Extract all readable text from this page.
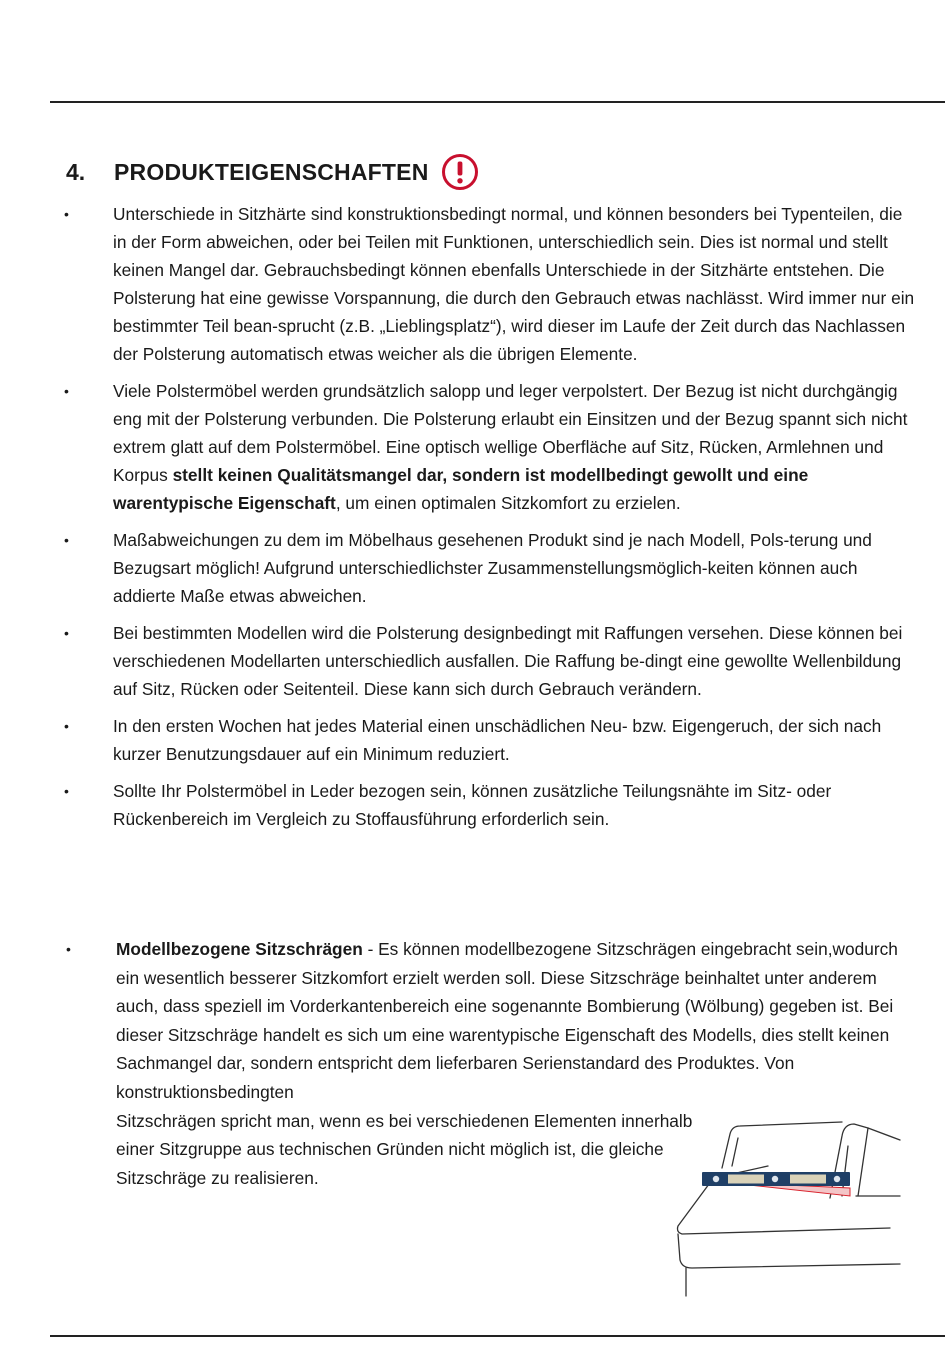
4.	PRODUKTEIGENSCHAFTEN
•	Unterschiede in Sitzhärte sind konstruktionsbedingt normal, und können besonders bei Typenteilen, die in der Form abweichen, oder bei Teilen mit Funktionen, unterschiedlich sein. Dies ist normal und stellt keinen Mangel dar. Gebrauchsbedingt können ebenfalls Unterschiede in der Sitzhärte entstehen. Die Polsterung hat eine gewisse Vorspannung, die durch den Gebrauch etwas nachlässt. Wird immer nur ein bestimmter Teil bean-sprucht (z.B. „Lieblingsplatz“), wird dieser im Laufe der Zeit durch das Nachlassen der Polsterung automatisch etwas weicher als die übrigen Elemente.
•	Viele Polstermöbel werden grundsätzlich salopp und leger verpolstert. Der Bezug ist nicht durchgängig eng mit der Polsterung verbunden. Die Polsterung erlaubt ein Einsitzen und der Bezug spannt sich nicht extrem glatt auf dem Polstermöbel. Eine optisch wellige Oberfläche auf Sitz, Rücken, Armlehnen und Korpus stellt keinen Qualitätsmangel dar, sondern ist modellbedingt gewollt und eine warentypische Eigenschaft, um einen optimalen Sitzkomfort zu erzielen.
•	Maßabweichungen zu dem im Möbelhaus gesehenen Produkt sind je nach Modell, Pols-terung und Bezugsart möglich! Aufgrund unterschiedlichster Zusammenstellungsmöglich-keiten können auch addierte Maße etwas abweichen.
•	Bei bestimmten Modellen wird die Polsterung designbedingt mit Raffungen versehen. Diese können bei verschiedenen Modellarten unterschiedlich ausfallen. Die Raffung be-dingt eine gewollte Wellenbildung auf Sitz, Rücken oder Seitenteil. Diese kann sich durch Gebrauch verändern.
•	In den ersten Wochen hat jedes Material einen unschädlichen Neu- bzw. Eigengeruch, der sich nach kurzer Benutzungsdauer auf ein Minimum reduziert.
•	Sollte Ihr Polstermöbel in Leder bezogen sein, können zusätzliche Teilungsnähte im Sitz- oder Rückenbereich im Vergleich zu Stoffausführung erforderlich sein.
•	Modellbezogene Sitzschrägen - Es können modellbezogene Sitzschrägen eingebracht sein,wodurch ein wesentlich besserer Sitzkomfort erzielt werden soll. Diese Sitzschräge beinhaltet unter anderem auch, dass speziell im Vorderkantenbereich eine sogenannte Bombierung (Wölbung) gegeben ist. Bei dieser Sitzschräge handelt es sich um eine warentypische Eigenschaft des Modells, dies stellt keinen Sachmangel dar, sondern entspricht dem lieferbaren Serienstandard des Produktes. Von konstruktionsbedingten
Sitzschrägen spricht man, wenn es bei verschiedenen Elementen innerhalb einer Sitzgruppe aus technischen Gründen nicht möglich ist, die gleiche Sitzschräge zu realisieren.
